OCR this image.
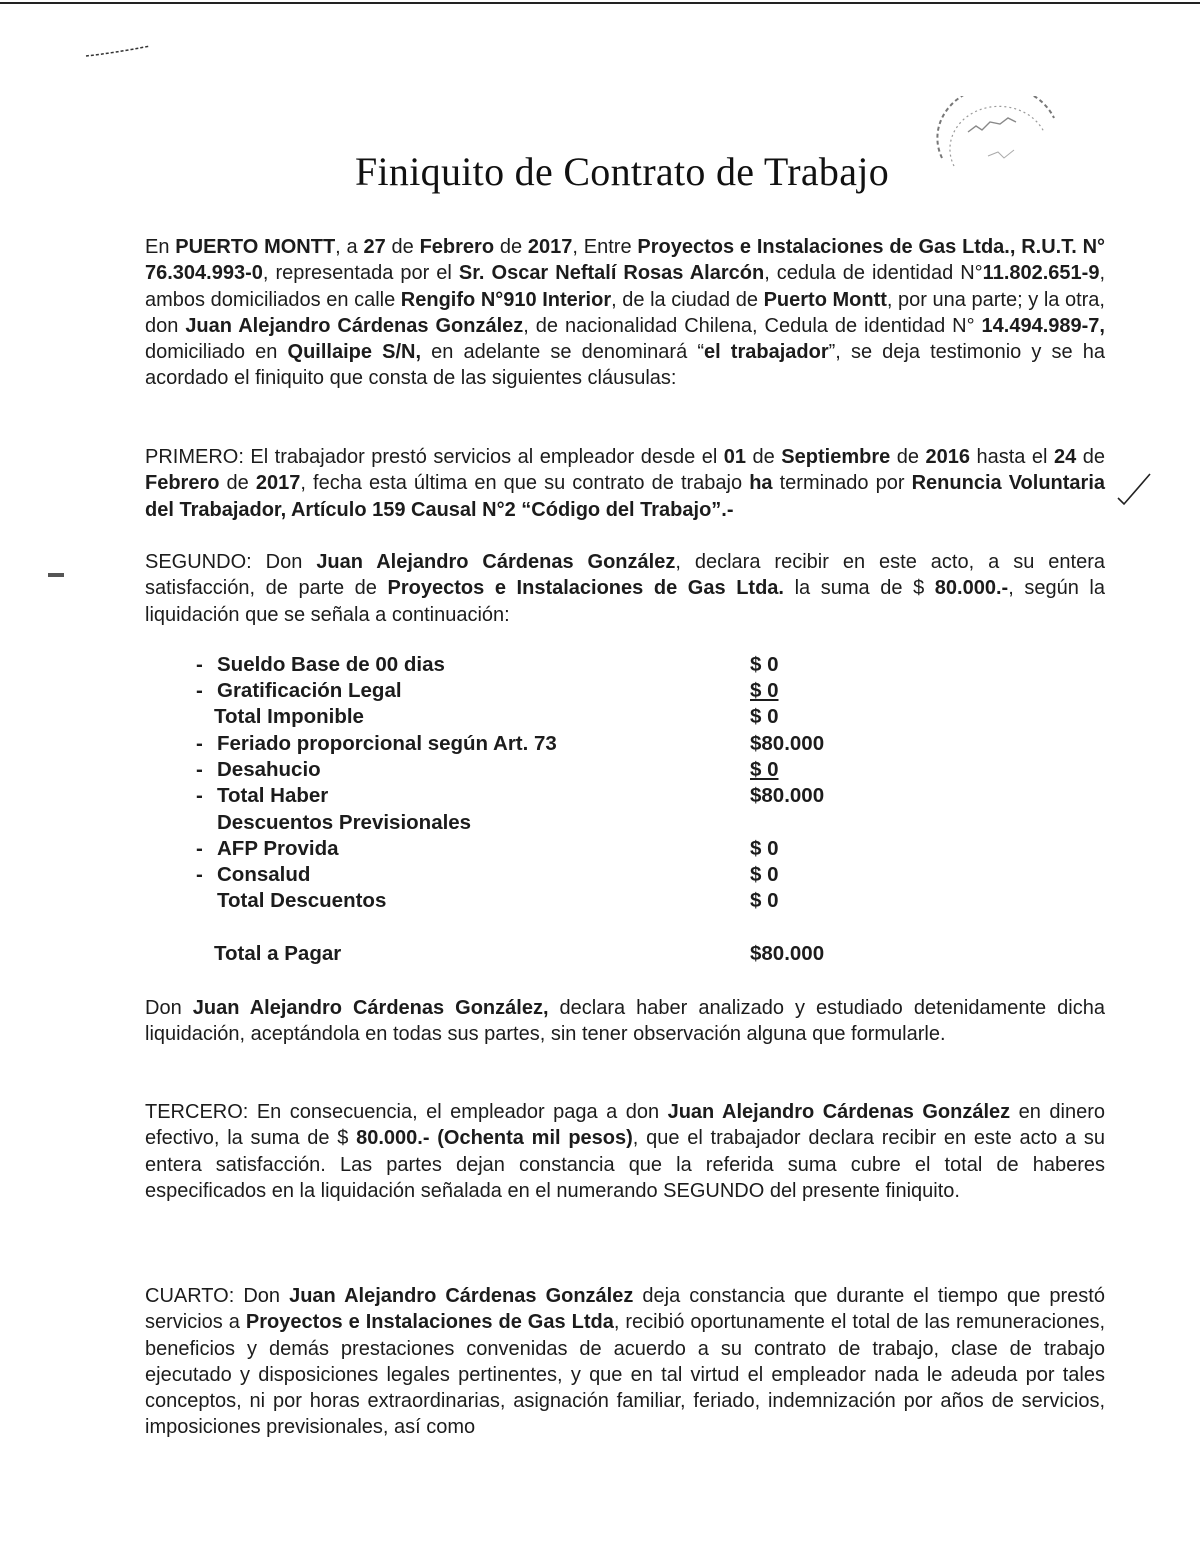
Finiquito de Contrato de Trabajo

En PUERTO MONTT, a 27 de Febrero de 2017, Entre Proyectos e Instalaciones de Gas Ltda., R.U.T. N° 76.304.993-0, representada por el Sr. Oscar Neftalí Rosas Alarcón, cedula de identidad N°11.802.651-9, ambos domiciliados en calle Rengifo N°910 Interior, de la ciudad de Puerto Montt, por una parte; y la otra, don Juan Alejandro Cárdenas González, de nacionalidad Chilena, Cedula de identidad N° 14.494.989-7, domiciliado en Quillaipe S/N, en adelante se denominará “el trabajador”, se deja testimonio y se ha acordado el finiquito que consta de las siguientes cláusulas:

PRIMERO: El trabajador prestó servicios al empleador desde el 01 de Septiembre de 2016 hasta el 24 de Febrero de 2017, fecha esta última en que su contrato de trabajo ha terminado por Renuncia Voluntaria del Trabajador, Artículo 159 Causal N°2 “Código del Trabajo”.-

SEGUNDO: Don Juan Alejandro Cárdenas González, declara recibir en este acto, a su entera satisfacción, de parte de Proyectos e Instalaciones de Gas Ltda. la suma de $ 80.000.-, según la liquidación que se señala a continuación:

- Sueldo Base de 00 dias	$ 0
- Gratificación Legal	$ 0
Total Imponible	$ 0
- Feriado proporcional según Art. 73	$80.000
- Desahucio	$ 0
- Total Haber	$80.000
Descuentos Previsionales
- AFP Provida	$ 0
- Consalud	$ 0
Total Descuentos	$ 0
Total a Pagar	$80.000

Don Juan Alejandro Cárdenas González, declara haber analizado y estudiado detenidamente dicha liquidación, aceptándola en todas sus partes, sin tener observación alguna que formularle.

TERCERO: En consecuencia, el empleador paga a don Juan Alejandro Cárdenas González en dinero efectivo, la suma de $ 80.000.- (Ochenta mil pesos), que el trabajador declara recibir en este acto a su entera satisfacción. Las partes dejan constancia que la referida suma cubre el total de haberes especificados en la liquidación señalada en el numerando SEGUNDO del presente finiquito.

CUARTO: Don Juan Alejandro Cárdenas González deja constancia que durante el tiempo que prestó servicios a Proyectos e Instalaciones de Gas Ltda, recibió oportunamente el total de las remuneraciones, beneficios y demás prestaciones convenidas de acuerdo a su contrato de trabajo, clase de trabajo ejecutado y disposiciones legales pertinentes, y que en tal virtud el empleador nada le adeuda por tales conceptos, ni por horas extraordinarias, asignación familiar, feriado, indemnización por años de servicios, imposiciones previsionales, así como
